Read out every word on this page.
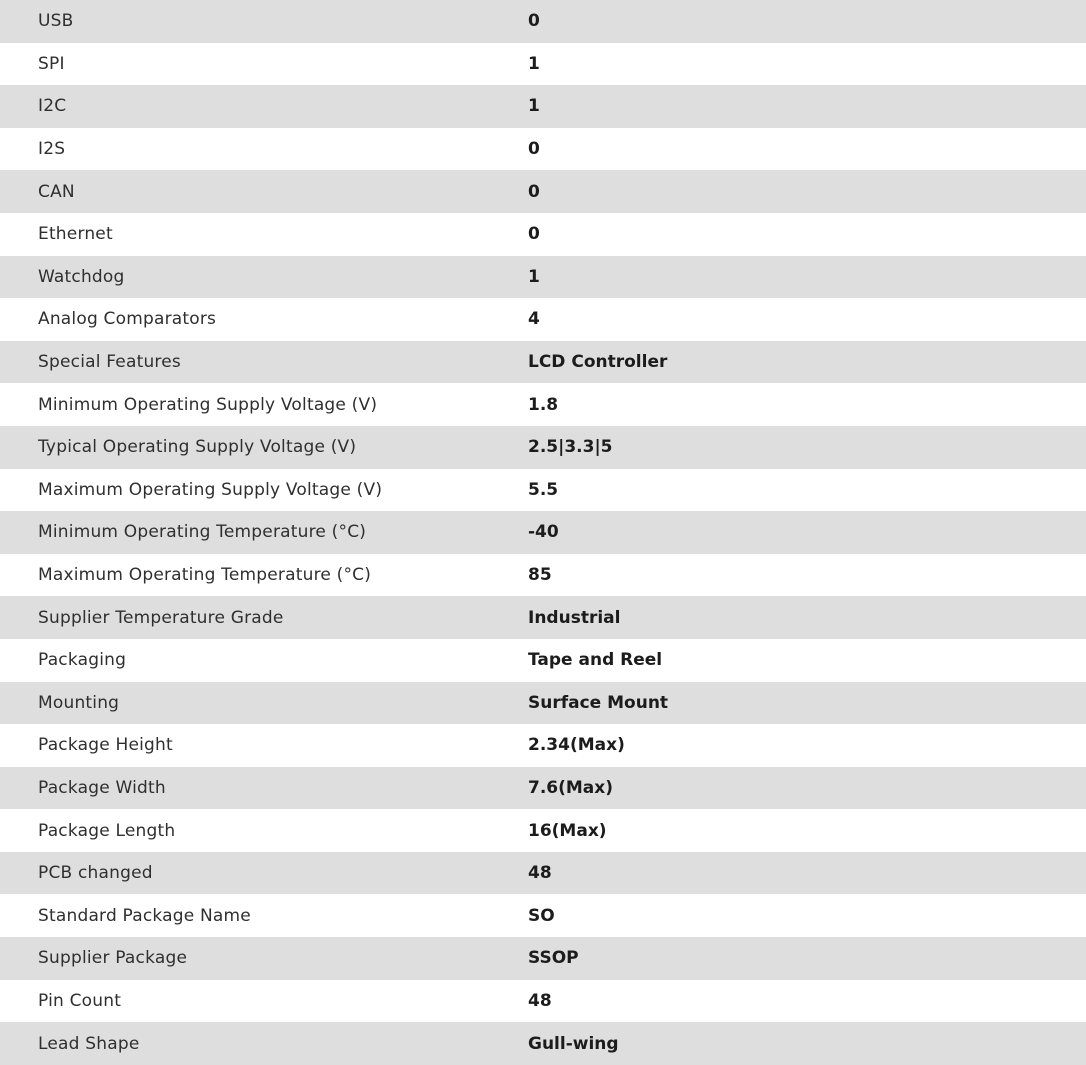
USB	0
SPI	1
I2C	1
I2S	0
CAN	0
Ethernet	0
Watchdog	1
Analog Comparators	4
Special Features	LCD Controller
Minimum Operating Supply Voltage (V)	1.8
Typical Operating Supply Voltage (V)	2.5|3.3|5
Maximum Operating Supply Voltage (V)	5.5
Minimum Operating Temperature (°C)	-40
Maximum Operating Temperature (°C)	85
Supplier Temperature Grade	Industrial
Packaging	Tape and Reel
Mounting	Surface Mount
Package Height	2.34(Max)
Package Width	7.6(Max)
Package Length	16(Max)
PCB changed	48
Standard Package Name	SO
Supplier Package	SSOP
Pin Count	48
Lead Shape	Gull-wing
